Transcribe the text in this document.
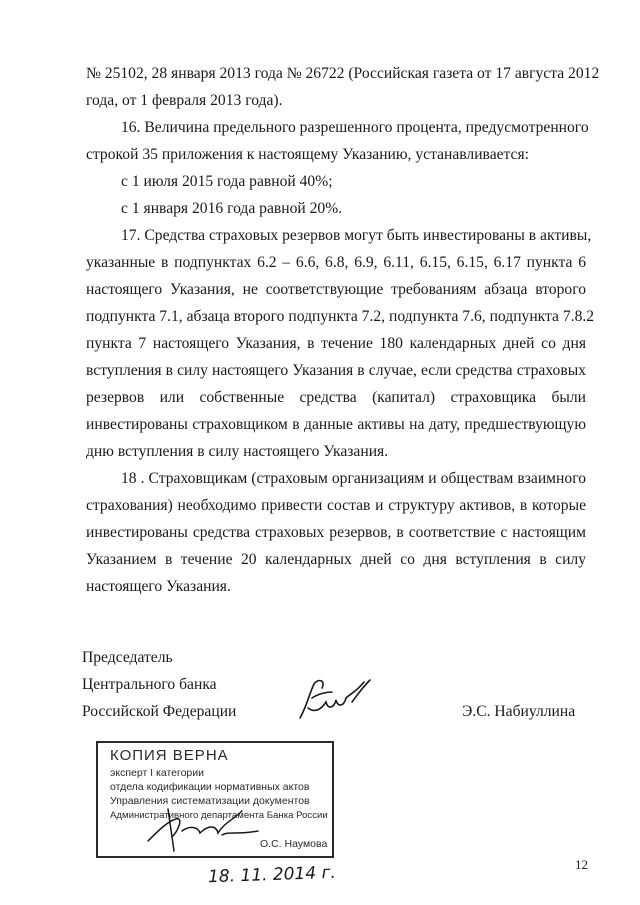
№ 25102, 28 января 2013 года № 26722 (Российская газета от 17 августа 2012
года, от 1 февраля 2013 года).
16. Величина предельного разрешенного процента, предусмотренного
строкой 35 приложения к настоящему Указанию, устанавливается:
с 1 июля 2015 года равной 40%;
с 1 января 2016 года равной 20%.
17. Средства страховых резервов могут быть инвестированы в активы,
указанные в подпунктах 6.2 – 6.6, 6.8, 6.9, 6.11, 6.15, 6.15, 6.17 пункта 6
настоящего Указания, не соответствующие требованиям абзаца второго
подпункта 7.1, абзаца второго подпункта 7.2, подпункта 7.6, подпункта 7.8.2
пункта 7 настоящего Указания, в течение 180 календарных дней со дня
вступления в силу настоящего Указания в случае, если средства страховых
резервов или собственные средства (капитал) страховщика были
инвестированы страховщиком в данные активы на дату, предшествующую
дню вступления в силу настоящего Указания.
18 . Страховщикам (страховым организациям и обществам взаимного
страхования) необходимо привести состав и структуру активов, в которые
инвестированы средства страховых резервов, в соответствие с настоящим
Указанием в течение 20 календарных дней со дня вступления в силу
настоящего Указания.
Председатель
Центрального банка
Российской Федерации	Э.С. Набиуллина
КОПИЯ ВЕРНА
эксперт I категории
отдела кодификации нормативных актов
Управления систематизации документов
Административного департамента Банка России
О.С. Наумова
18. 11. 2014 г.	12
